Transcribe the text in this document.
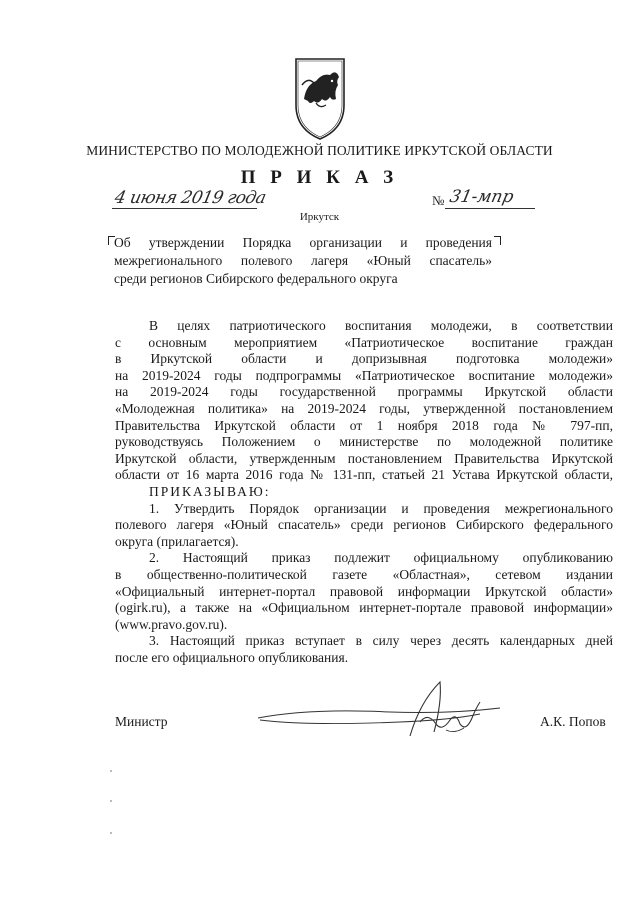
МИНИСТЕРСТВО ПО МОЛОДЕЖНОЙ ПОЛИТИКЕ ИРКУТСКОЙ ОБЛАСТИ
П Р И К А З
4 июня 2019 года	№ 31-мпр
Иркутск
Об утверждении Порядка организации и проведения
межрегионального полевого лагеря «Юный спасатель»
среди регионов Сибирского федерального округа
В целях патриотического воспитания молодежи, в соответствии
с основным мероприятием «Патриотическое воспитание граждан
в Иркутской области и допризывная подготовка молодежи»
на 2019-2024 годы подпрограммы «Патриотическое воспитание молодежи»
на 2019-2024 годы государственной программы Иркутской области
«Молодежная политика» на 2019-2024 годы, утвержденной постановлением
Правительства Иркутской области от 1 ноября 2018 года № 797-пп,
руководствуясь Положением о министерстве по молодежной политике
Иркутской области, утвержденным постановлением Правительства Иркутской
области от 16 марта 2016 года № 131-пп, статьей 21 Устава Иркутской области,
ПРИКАЗЫВАЮ:
1. Утвердить Порядок организации и проведения межрегионального
полевого лагеря «Юный спасатель» среди регионов Сибирского федерального
округа (прилагается).
2. Настоящий приказ подлежит официальному опубликованию
в общественно-политической газете «Областная», сетевом издании
«Официальный интернет-портал правовой информации Иркутской области»
(ogirk.ru), а также на «Официальном интернет-портале правовой информации»
(www.pravo.gov.ru).
3. Настоящий приказ вступает в силу через десять календарных дней
после его официального опубликования.
Министр	А.К. Попов
